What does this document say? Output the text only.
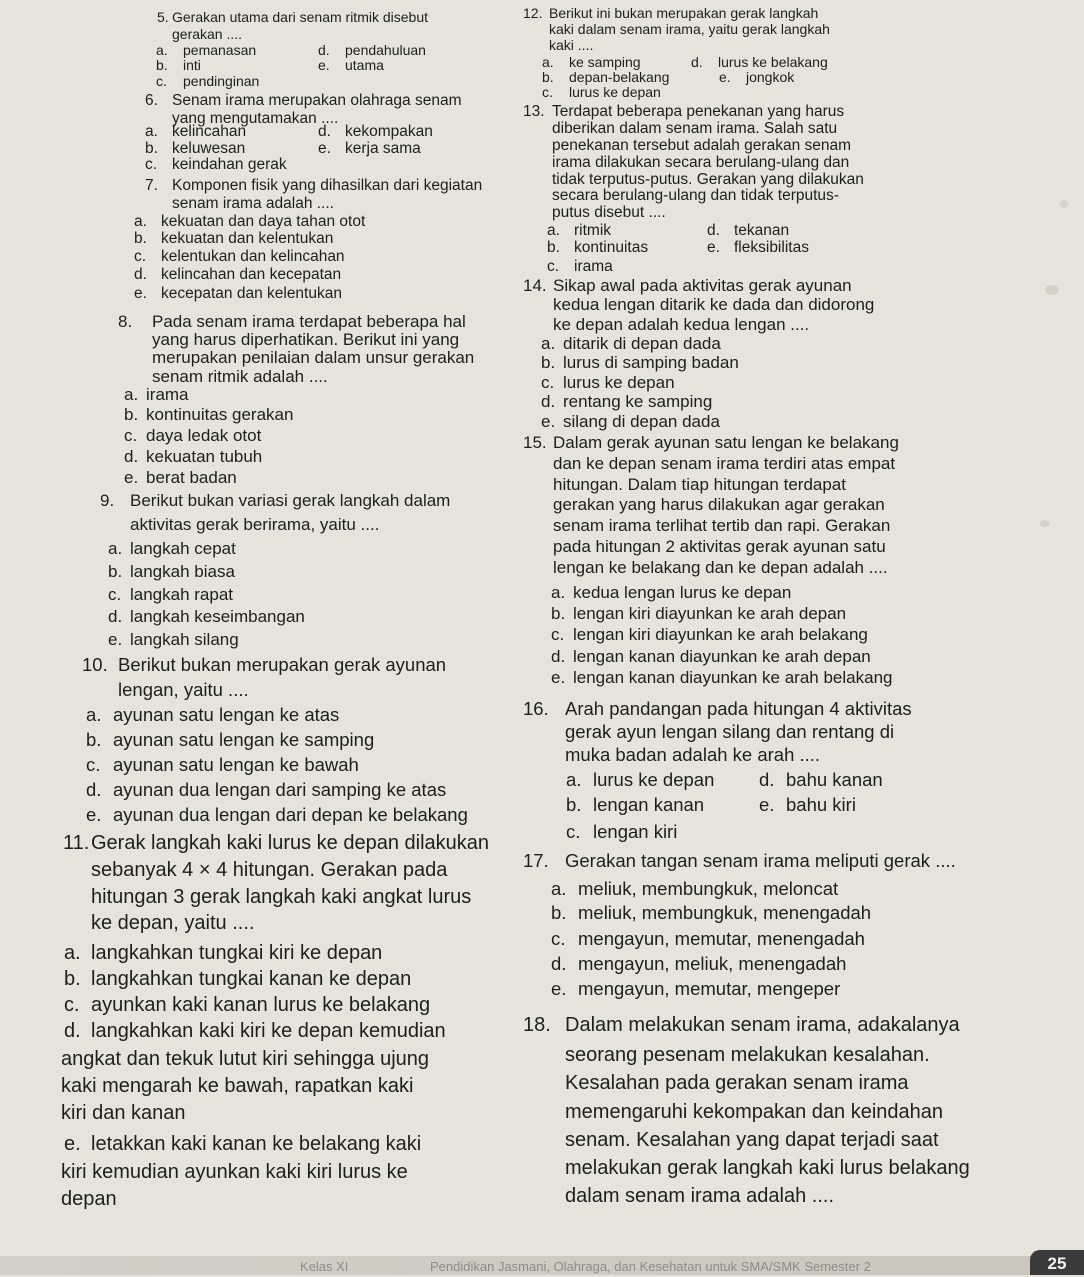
5. Gerakan utama dari senam ritmik disebut
gerakan ....
a. pemanasan
b. inti
c. pendinginan
d. pendahuluan
e. utama
6. Senam irama merupakan olahraga senam
yang mengutamakan ....
a. kelincahan
b. keluwesan
c. keindahan gerak
d. kekompakan
e. kerja sama
7. Komponen fisik yang dihasilkan dari kegiatan
senam irama adalah ....
a. kekuatan dan daya tahan otot
b. kekuatan dan kelentukan
c. kelentukan dan kelincahan
d. kelincahan dan kecepatan
e. kecepatan dan kelentukan
8. Pada senam irama terdapat beberapa hal
yang harus diperhatikan. Berikut ini yang
merupakan penilaian dalam unsur gerakan
senam ritmik adalah ....
a. irama
b. kontinuitas gerakan
c. daya ledak otot
d. kekuatan tubuh
e. berat badan
9. Berikut bukan variasi gerak langkah dalam
aktivitas gerak berirama, yaitu ....
a. langkah cepat
b. langkah biasa
c. langkah rapat
d. langkah keseimbangan
e. langkah silang
10. Berikut bukan merupakan gerak ayunan
lengan, yaitu ....
a. ayunan satu lengan ke atas
b. ayunan satu lengan ke samping
c. ayunan satu lengan ke bawah
d. ayunan dua lengan dari samping ke atas
e. ayunan dua lengan dari depan ke belakang
11. Gerak langkah kaki lurus ke depan dilakukan
sebanyak 4 × 4 hitungan. Gerakan pada
hitungan 3 gerak langkah kaki angkat lurus
ke depan, yaitu ....
a. langkahkan tungkai kiri ke depan
b. langkahkan tungkai kanan ke depan
c. ayunkan kaki kanan lurus ke belakang
d. langkahkan kaki kiri ke depan kemudian
angkat dan tekuk lutut kiri sehingga ujung
kaki mengarah ke bawah, rapatkan kaki
kiri dan kanan
e. letakkan kaki kanan ke belakang kaki
kiri kemudian ayunkan kaki kiri lurus ke
depan
12. Berikut ini bukan merupakan gerak langkah
kaki dalam senam irama, yaitu gerak langkah
kaki ....
a. ke samping
b. depan-belakang
c. lurus ke depan
d. lurus ke belakang
e. jongkok
13. Terdapat beberapa penekanan yang harus
diberikan dalam senam irama. Salah satu
penekanan tersebut adalah gerakan senam
irama dilakukan secara berulang-ulang dan
tidak terputus-putus. Gerakan yang dilakukan
secara berulang-ulang dan tidak terputus-
putus disebut ....
a. ritmik
b. kontinuitas
c. irama
d. tekanan
e. fleksibilitas
14. Sikap awal pada aktivitas gerak ayunan
kedua lengan ditarik ke dada dan didorong
ke depan adalah kedua lengan ....
a. ditarik di depan dada
b. lurus di samping badan
c. lurus ke depan
d. rentang ke samping
e. silang di depan dada
15. Dalam gerak ayunan satu lengan ke belakang
dan ke depan senam irama terdiri atas empat
hitungan. Dalam tiap hitungan terdapat
gerakan yang harus dilakukan agar gerakan
senam irama terlihat tertib dan rapi. Gerakan
pada hitungan 2 aktivitas gerak ayunan satu
lengan ke belakang dan ke depan adalah ....
a. kedua lengan lurus ke depan
b. lengan kiri diayunkan ke arah depan
c. lengan kiri diayunkan ke arah belakang
d. lengan kanan diayunkan ke arah depan
e. lengan kanan diayunkan ke arah belakang
16. Arah pandangan pada hitungan 4 aktivitas
gerak ayun lengan silang dan rentang di
muka badan adalah ke arah ....
a. lurus ke depan
b. lengan kanan
c. lengan kiri
d. bahu kanan
e. bahu kiri
17. Gerakan tangan senam irama meliputi gerak ....
a. meliuk, membungkuk, meloncat
b. meliuk, membungkuk, menengadah
c. mengayun, memutar, menengadah
d. mengayun, meliuk, menengadah
e. mengayun, memutar, mengeper
18. Dalam melakukan senam irama, adakalanya
seorang pesenam melakukan kesalahan.
Kesalahan pada gerakan senam irama
memengaruhi kekompakan dan keindahan
senam. Kesalahan yang dapat terjadi saat
melakukan gerak langkah kaki lurus belakang
dalam senam irama adalah ....
Kelas XI	Pendidikan Jasmani, Olahraga, dan Kesehatan untuk SMA/SMK Semester 2	25
